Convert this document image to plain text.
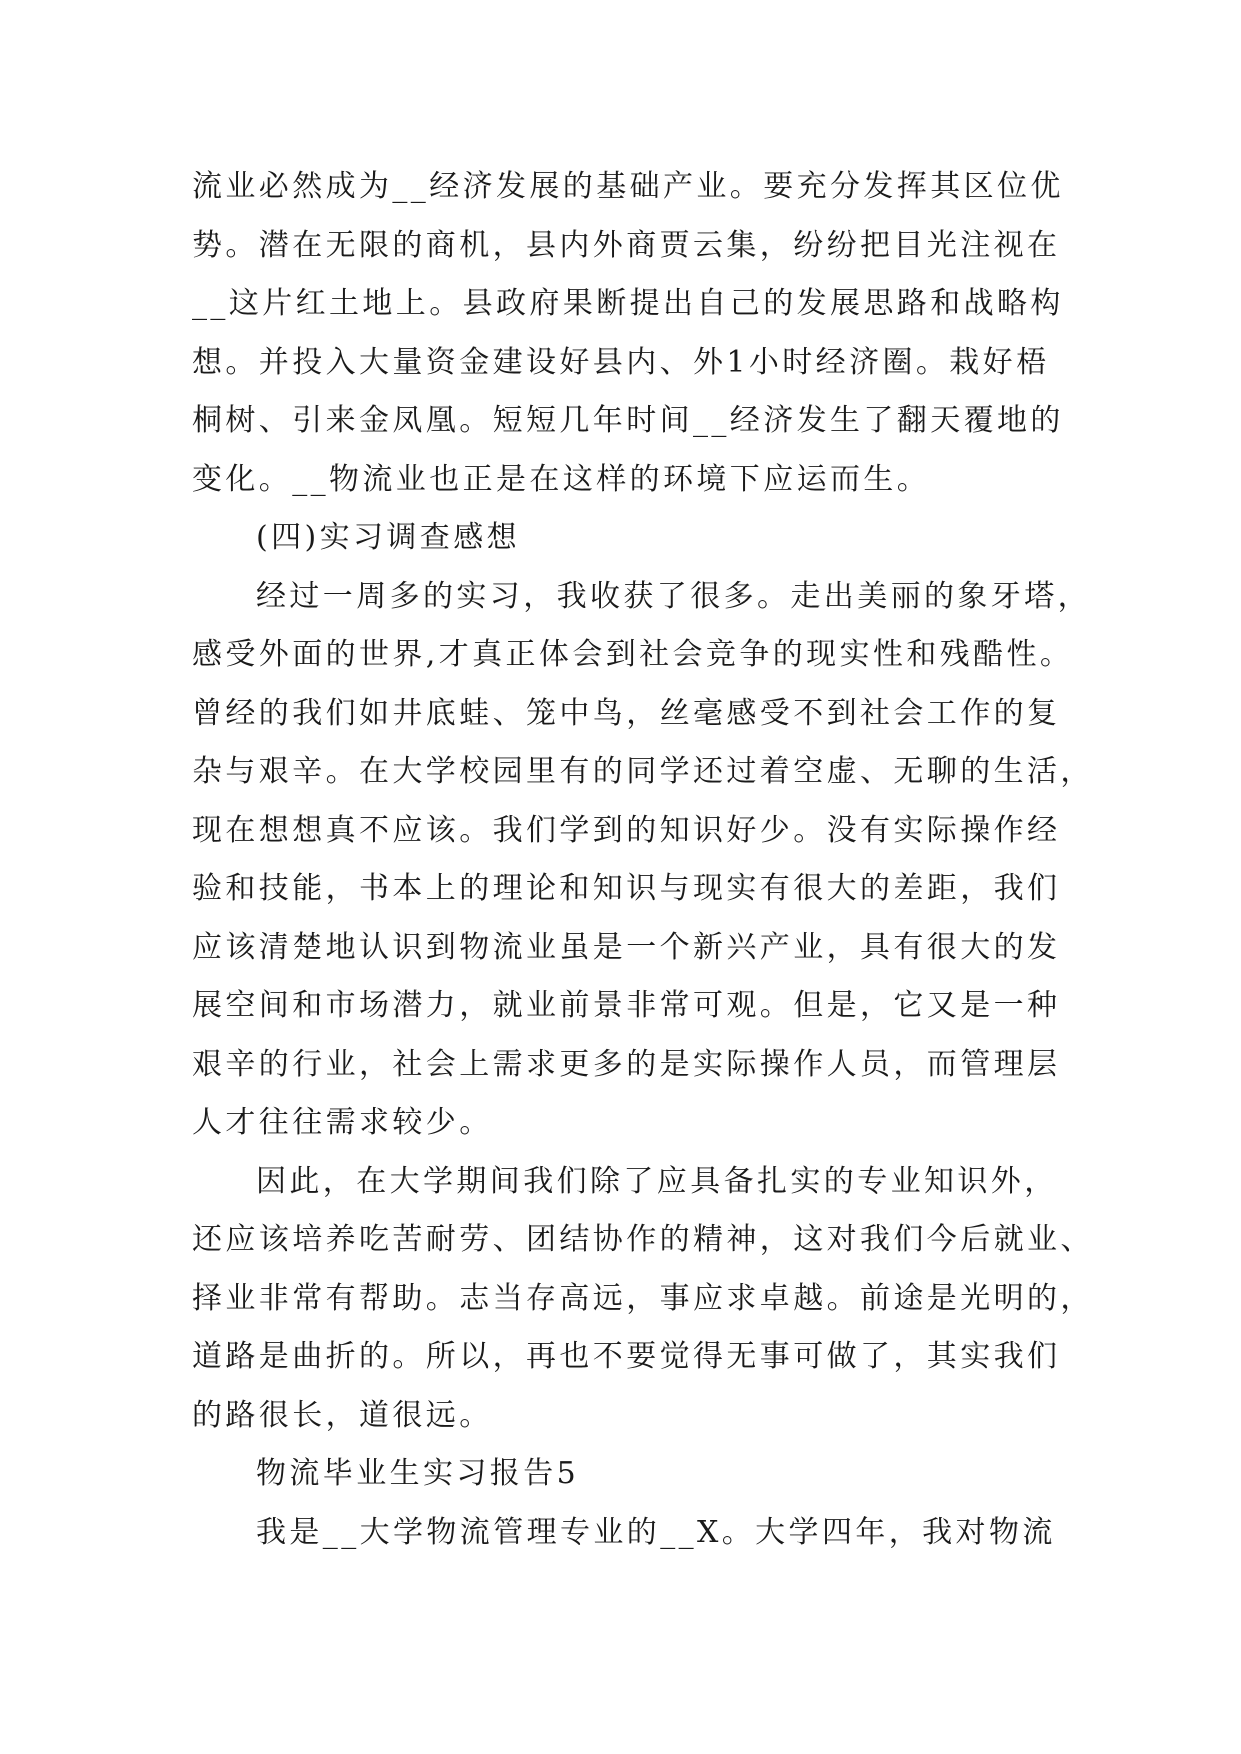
流业必然成为__经济发展的基础产业。要充分发挥其区位优
势。潜在无限的商机，县内外商贾云集，纷纷把目光注视在
__这片红土地上。县政府果断提出自己的发展思路和战略构
想。并投入大量资金建设好县内、外1小时经济圈。栽好梧
桐树、引来金凤凰。短短几年时间__经济发生了翻天覆地的
变化。__物流业也正是在这样的环境下应运而生。
(四)实习调查感想
经过一周多的实习，我收获了很多。走出美丽的象牙塔，
感受外面的世界,才真正体会到社会竞争的现实性和残酷性。
曾经的我们如井底蛙、笼中鸟，丝毫感受不到社会工作的复
杂与艰辛。在大学校园里有的同学还过着空虚、无聊的生活，
现在想想真不应该。我们学到的知识好少。没有实际操作经
验和技能，书本上的理论和知识与现实有很大的差距，我们
应该清楚地认识到物流业虽是一个新兴产业，具有很大的发
展空间和市场潜力，就业前景非常可观。但是，它又是一种
艰辛的行业，社会上需求更多的是实际操作人员，而管理层
人才往往需求较少。
因此，在大学期间我们除了应具备扎实的专业知识外，
还应该培养吃苦耐劳、团结协作的精神，这对我们今后就业、
择业非常有帮助。志当存高远，事应求卓越。前途是光明的，
道路是曲折的。所以，再也不要觉得无事可做了，其实我们
的路很长，道很远。
物流毕业生实习报告5
我是__大学物流管理专业的__X。大学四年，我对物流
